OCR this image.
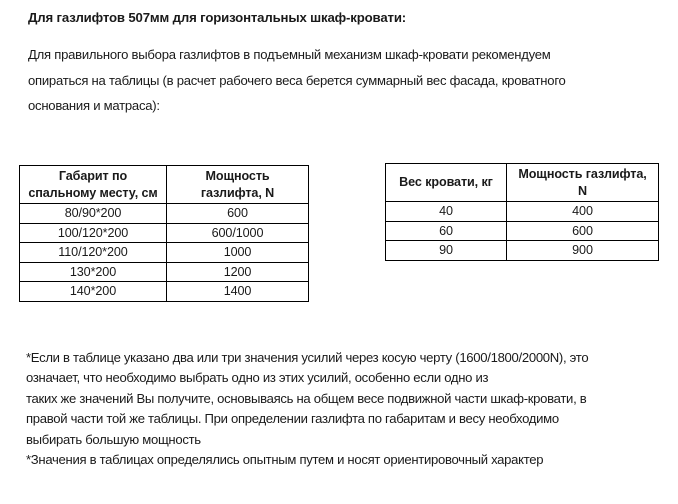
Для газлифтов 507мм для горизонтальных шкаф-кровати:
Для правильного выбора газлифтов в подъемный механизм шкаф-кровати рекомендуем
опираться на таблицы (в расчет рабочего веса берется суммарный вес фасада, кроватного
основания и матраса):
Габарит по
спальному месту, см	Мощность
газлифта, N
80/90*200	600
100/120*200	600/1000
110/120*200	1000
130*200	1200
140*200	1400
Вес кровати, кг	Мощность газлифта,
N
40	400
60	600
90	900
*Если в таблице указано два или три значения усилий через косую черту (1600/1800/2000N), это
означает, что необходимо выбрать одно из этих усилий, особенно если одно из
таких же значений Вы получите, основываясь на общем весе подвижной части шкаф-кровати, в
правой части той же таблицы. При определении газлифта по габаритам и весу необходимо
выбирать большую мощность
*Значения в таблицах определялись опытным путем и носят ориентировочный характер
